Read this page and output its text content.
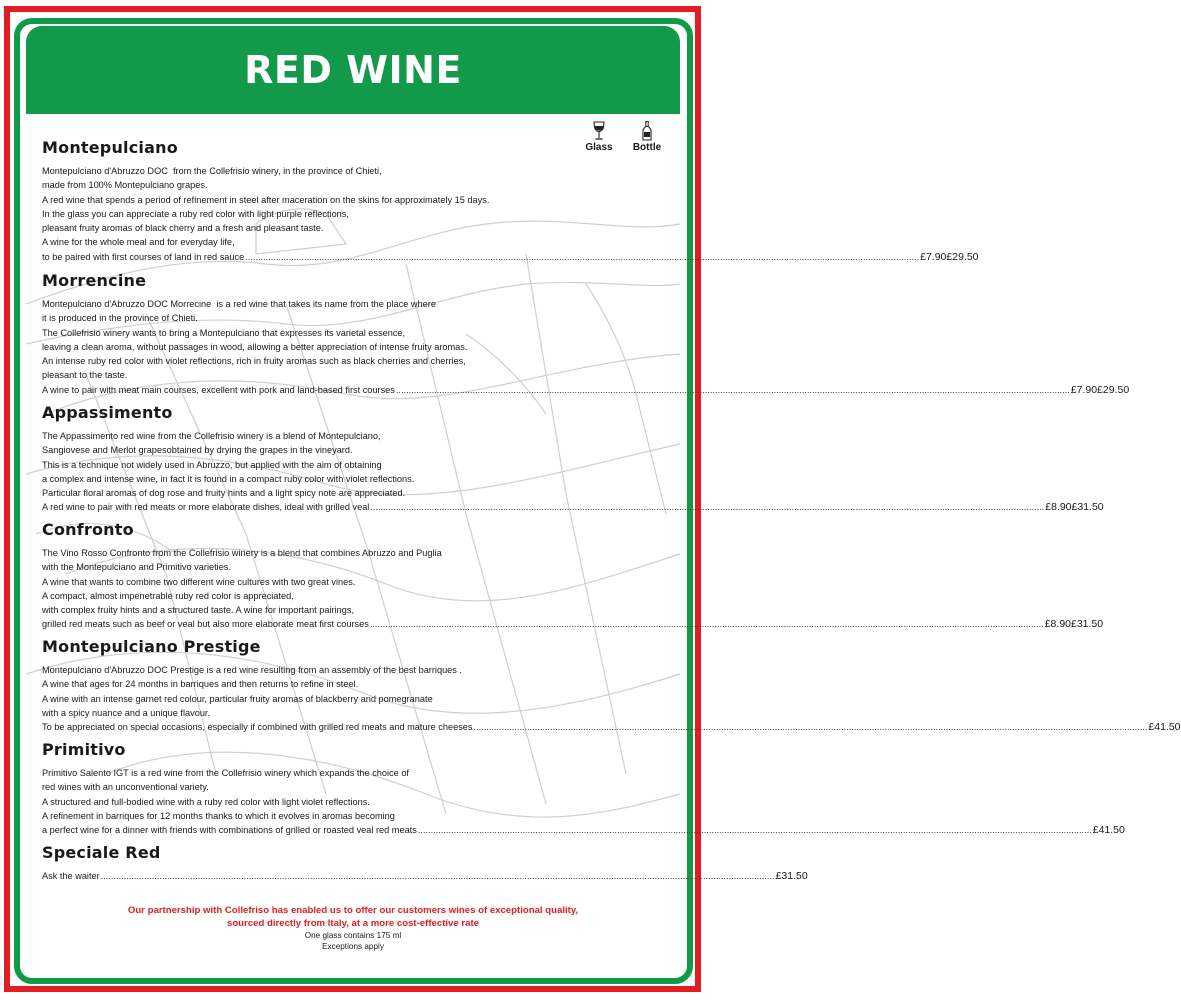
RED WINE
Glass	Bottle
Montepulciano

Montepulciano d'Abruzzo DOC  from the Collefrisio winery, in the province of Chieti,

made from 100% Montepulciano grapes.

A red wine that spends a period of refinement in steel after maceration on the skins for approximately 15 days.

In the glass you can appreciate a ruby red color with light purple reflections,

pleasant fruity aromas of black cherry and a fresh and pleasant taste.

A wine for the whole meal and for everyday life,

to be paired with first courses of land in red sauce ........................................................................................................................................................................................................................................................................ £7.90 £29.50
Morrencine

Montepulciano d'Abruzzo DOC Morrecine  is a red wine that takes its name from the place where

it is produced in the province of Chieti.

The Collefrisio winery wants to bring a Montepulciano that expresses its varietal essence,

leaving a clean aroma, without passages in wood, allowing a better appreciation of intense fruity aromas.

An intense ruby red color with violet reflections, rich in fruity aromas such as black cherries and cherries,

pleasant to the taste.

A wine to pair with meat main courses, excellent with pork and land-based first courses ........................................................................................................................................................................................................................................................................ £7.90 £29.50
Appassimento

The Appassimento red wine from the Collefrisio winery is a blend of Montepulciano,

Sangiovese and Merlot grapesobtained by drying the grapes in the vineyard.

This is a technique not widely used in Abruzzo, but applied with the aim of obtaining

a complex and intense wine, in fact it is found in a compact ruby color with violet reflections.

Particular floral aromas of dog rose and fruity hints and a light spicy note are appreciated.

A red wine to pair with red meats or more elaborate dishes, ideal with grilled veal ........................................................................................................................................................................................................................................................................ £8.90 £31.50
Confronto

The Vino Rosso Confronto from the Collefrisio winery is a blend that combines Abruzzo and Puglia

with the Montepulciano and Primitivo varieties.

A wine that wants to combine two different wine cultures with two great vines.

A compact, almost impenetrable ruby red color is appreciated,

with complex fruity hints and a structured taste. A wine for important pairings,

grilled red meats such as beef or veal but also more elaborate meat first courses ........................................................................................................................................................................................................................................................................ £8.90 £31.50
Montepulciano Prestige

Montepulciano d'Abruzzo DOC Prestige is a red wine resulting from an assembly of the best barriques .

A wine that ages for 24 months in barriques and then returns to refine in steel.

A wine with an intense garnet red colour, particular fruity aromas of blackberry and pomegranate

with a spicy nuance and a unique flavour.

To be appreciated on special occasions, especially if combined with grilled red meats and mature cheeses ........................................................................................................................................................................................................................................................................ £41.50
Primitivo

Primitivo Salento IGT is a red wine from the Collefrisio winery which expands the choice of

red wines with an unconventional variety.

A structured and full-bodied wine with a ruby red color with light violet reflections.

A refinement in barriques for 12 months thanks to which it evolves in aromas becoming

a perfect wine for a dinner with friends with combinations of grilled or roasted veal red meats ........................................................................................................................................................................................................................................................................ £41.50
Speciale Red
Ask the waiter ........................................................................................................................................................................................................................................................................ £31.50
Our partnership with Collefriso has enabled us to offer our customers wines of exceptional quality,
sourced directly from Italy, at a more cost-effective rate
One glass contains 175 ml
Exceptions apply
